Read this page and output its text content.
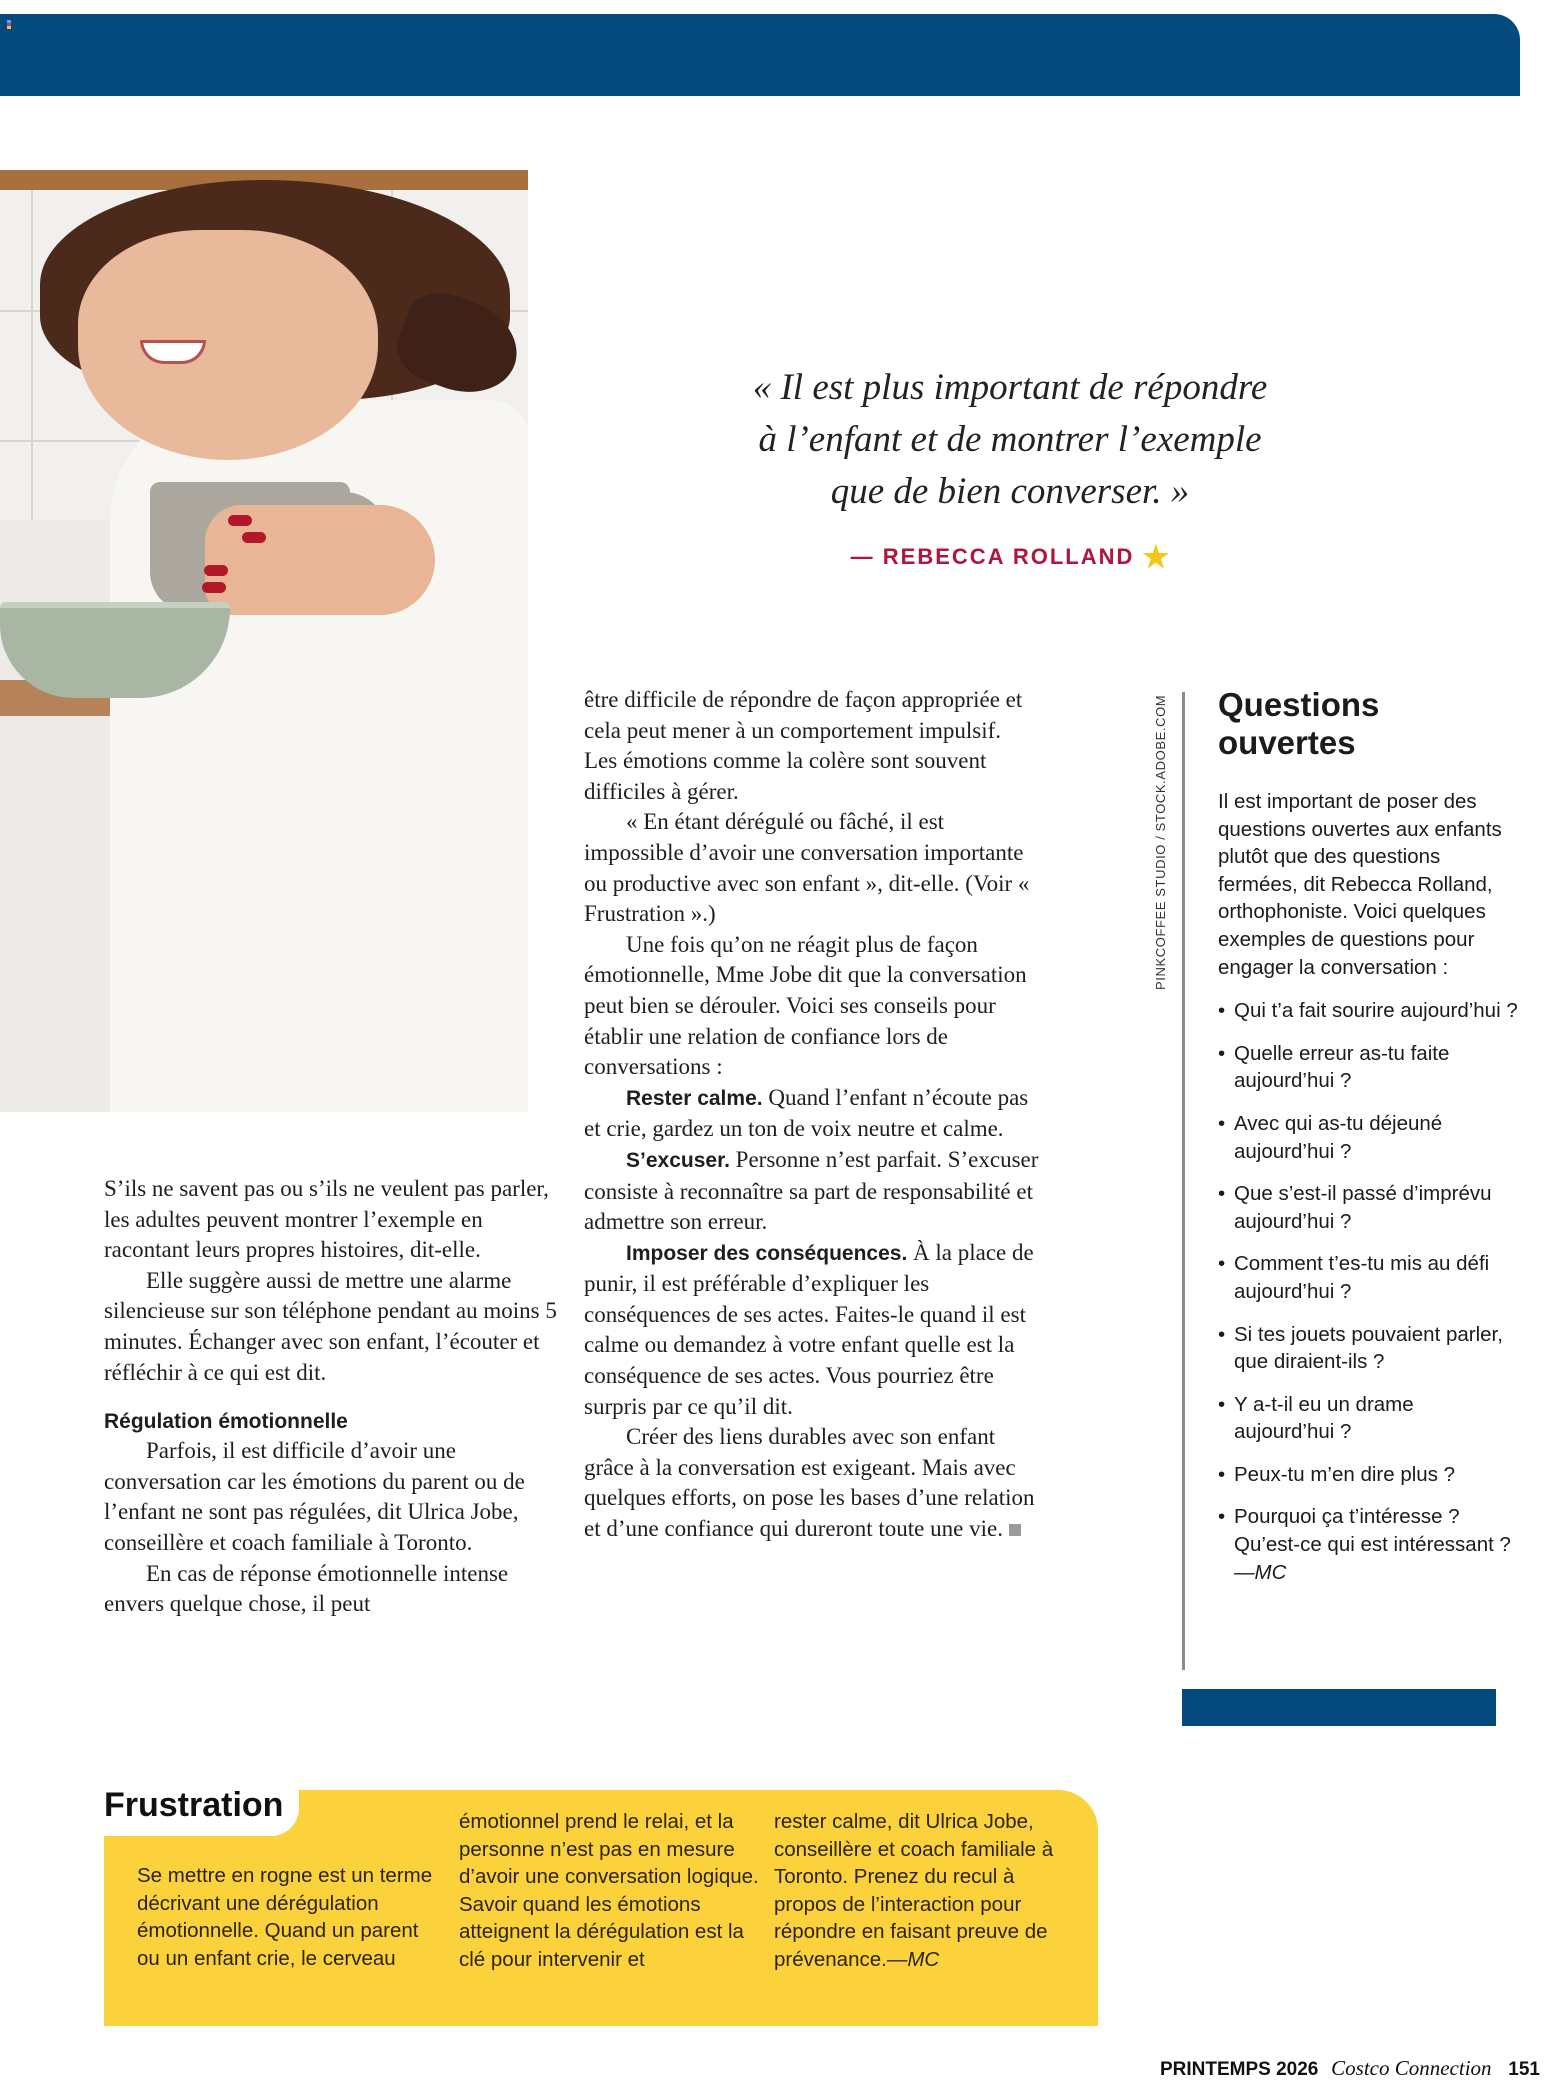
« Il est plus important de répondre
à l’enfant et de montrer l’exemple
que de bien converser. »
— REBECCA ROLLAND ★

S’ils ne savent pas ou s’ils ne veulent pas parler, les adultes peuvent montrer l’exemple en racontant leurs propres histoires, dit-elle.

Elle suggère aussi de mettre une alarme silencieuse sur son téléphone pendant au moins 5 minutes. Échanger avec son enfant, l’écouter et réfléchir à ce qui est dit.

Régulation émotionnelle

Parfois, il est difficile d’avoir une conversation car les émotions du parent ou de l’enfant ne sont pas régulées, dit Ulrica Jobe, conseillère et coach familiale à Toronto.

En cas de réponse émotionnelle intense envers quelque chose, il peut

être difficile de répondre de façon appropriée et cela peut mener à un comportement impulsif. Les émotions comme la colère sont souvent difficiles à gérer.

« En étant dérégulé ou fâché, il est impossible d’avoir une conversation importante ou productive avec son enfant », dit-elle. (Voir « Frustration ».)

Une fois qu’on ne réagit plus de façon émotionnelle, Mme Jobe dit que la conversation peut bien se dérouler. Voici ses conseils pour établir une relation de confiance lors de conversations :

Rester calme. Quand l’enfant n’écoute pas et crie, gardez un ton de voix neutre et calme.

S’excuser. Personne n’est parfait. S’excuser consiste à reconnaître sa part de responsabilité et admettre son erreur.

Imposer des conséquences. À la place de punir, il est préférable d’expliquer les conséquences de ses actes. Faites-le quand il est calme ou demandez à votre enfant quelle est la conséquence de ses actes. Vous pourriez être surpris par ce qu’il dit.

Créer des liens durables avec son enfant grâce à la conversation est exigeant. Mais avec quelques efforts, on pose les bases d’une relation et d’une confiance qui dureront toute une vie.

PINKCOFFEE STUDIO / STOCK.ADOBE.COM Questions ouvertes

Il est important de poser des questions ouvertes aux enfants plutôt que des questions fermées, dit Rebecca Rolland, orthophoniste. Voici quelques exemples de questions pour engager la conversation :

• Qui t’a fait sourire aujourd’hui ?
• Quelle erreur as-tu faite aujourd’hui ?
• Avec qui as-tu déjeuné aujourd’hui ?
• Que s’est-il passé d’imprévu aujourd’hui ?
• Comment t’es-tu mis au défi aujourd’hui ?
• Si tes jouets pouvaient parler, que diraient-ils ?
• Y a-t-il eu un drame aujourd’hui ?
• Peux-tu m’en dire plus ?
• Pourquoi ça t’intéresse ? Qu’est-ce qui est intéressant ? —MC
Frustration

Se mettre en rogne est un terme décrivant une dérégulation émotionnelle. Quand un parent ou un enfant crie, le cerveau

émotionnel prend le relai, et la personne n’est pas en mesure d’avoir une conversation logique. Savoir quand les émotions atteignent la dérégulation est la clé pour intervenir et

rester calme, dit Ulrica Jobe, conseillère et coach familiale à Toronto. Prenez du recul à propos de l’interaction pour répondre en faisant preuve de prévenance.—MC

PRINTEMPS 2026 Costco Connection 151
